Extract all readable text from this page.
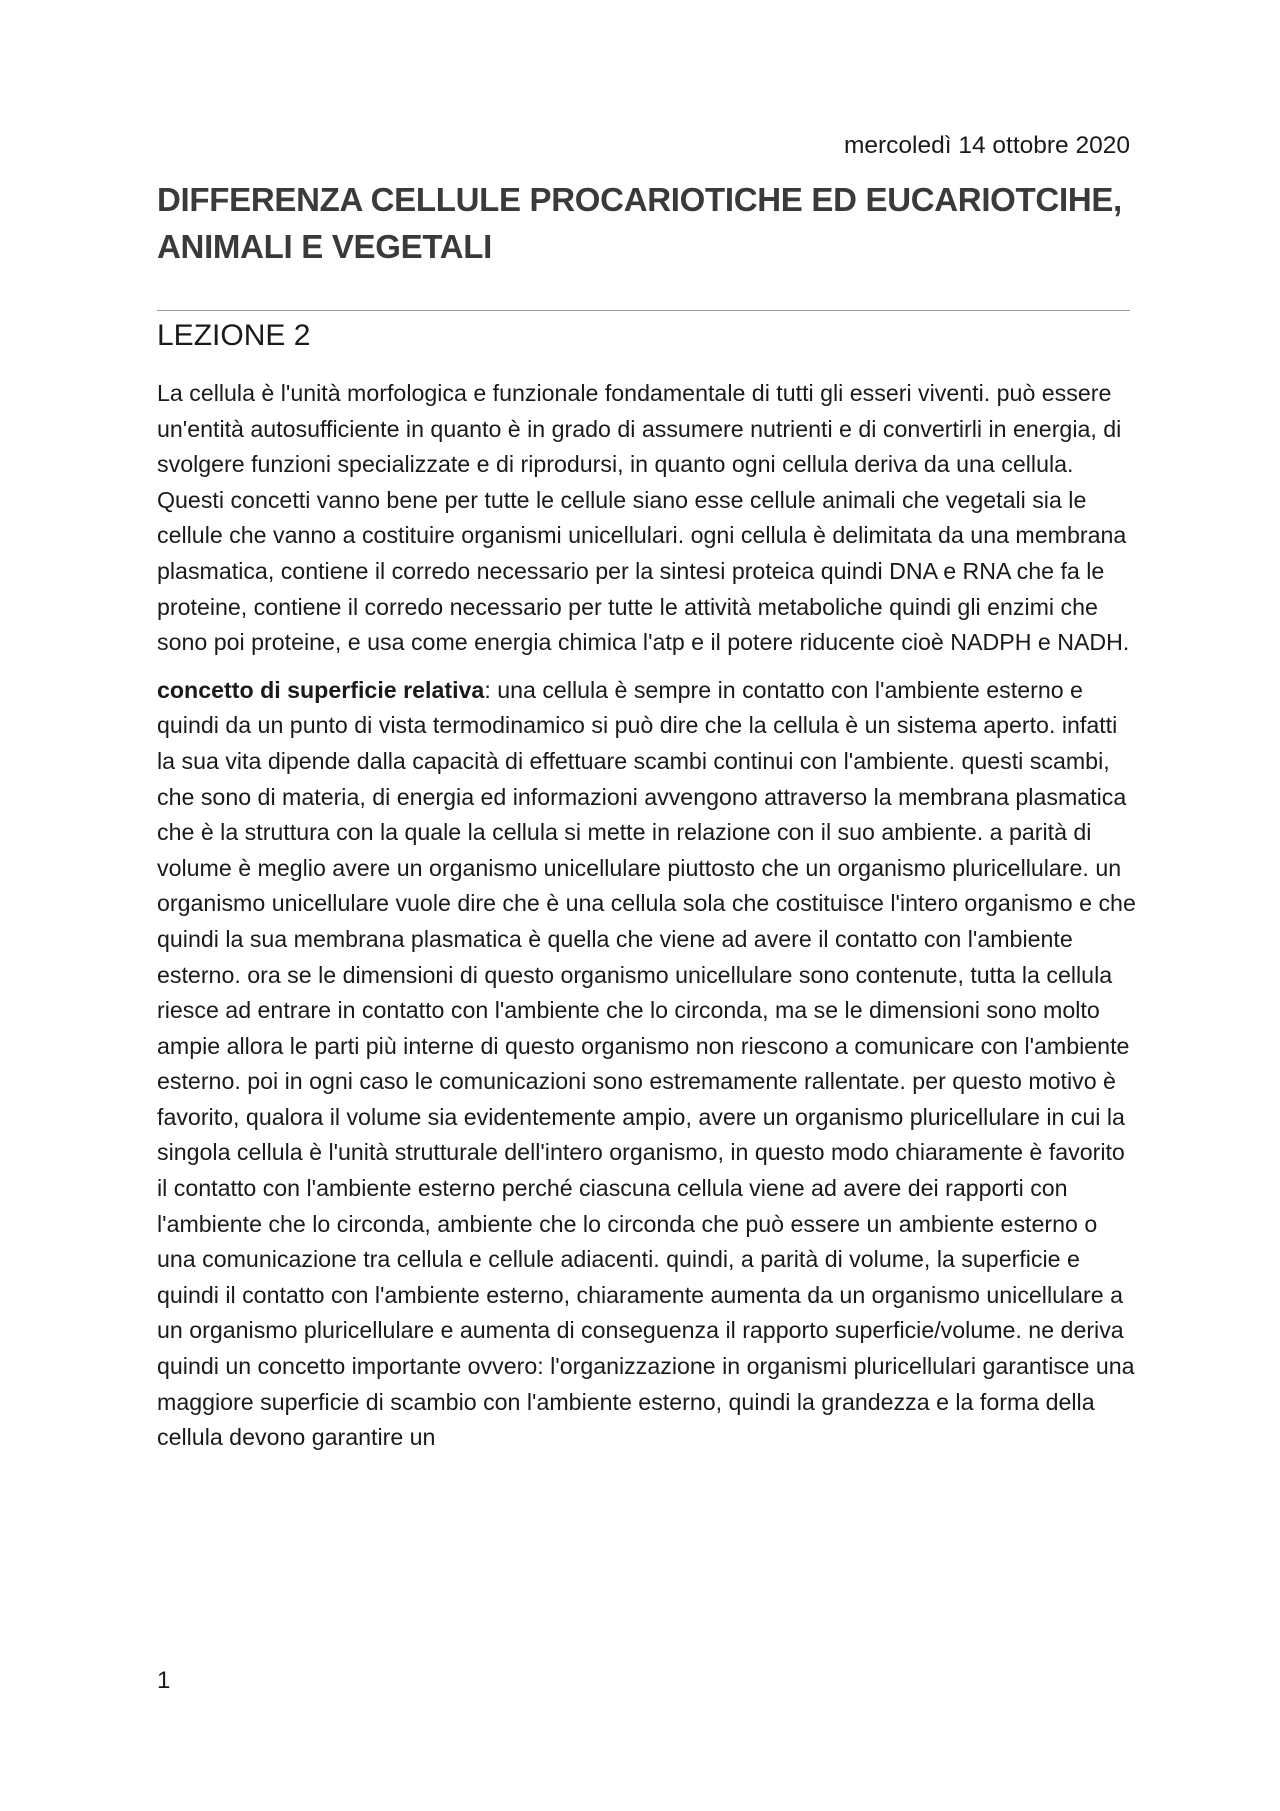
mercoledì 14 ottobre 2020
DIFFERENZA CELLULE PROCARIOTICHE ED EUCARIOTCIHE, ANIMALI E VEGETALI
LEZIONE 2

La cellula è l'unità morfologica e funzionale fondamentale di tutti gli esseri viventi. può essere un'entità autosufficiente in quanto è in grado di assumere nutrienti e di convertirli in energia, di svolgere funzioni specializzate e di riprodursi, in quanto ogni cellula deriva da una cellula. Questi concetti vanno bene per tutte le cellule siano esse cellule animali che vegetali sia le cellule che vanno a costituire organismi unicellulari. ogni cellula è delimitata da una membrana plasmatica, contiene il corredo necessario per la sintesi proteica quindi DNA e RNA che fa le proteine, contiene il corredo necessario per tutte le attività metaboliche quindi gli enzimi che sono poi proteine, e usa come energia chimica l'atp e il potere riducente cioè NADPH e NADH.

concetto di superficie relativa: una cellula è sempre in contatto con l'ambiente esterno e quindi da un punto di vista termodinamico si può dire che la cellula è un sistema aperto. infatti la sua vita dipende dalla capacità di effettuare scambi continui con l'ambiente. questi scambi, che sono di materia, di energia ed informazioni avvengono attraverso la membrana plasmatica che è la struttura con la quale la cellula si mette in relazione con il suo ambiente. a parità di volume è meglio avere un organismo unicellulare piuttosto che un organismo pluricellulare. un organismo unicellulare vuole dire che è una cellula sola che costituisce l'intero organismo e che quindi la sua membrana plasmatica è quella che viene ad avere il contatto con l'ambiente esterno. ora se le dimensioni di questo organismo unicellulare sono contenute, tutta la cellula riesce ad entrare in contatto con l'ambiente che lo circonda, ma se le dimensioni sono molto ampie allora le parti più interne di questo organismo non riescono a comunicare con l'ambiente esterno. poi in ogni caso le comunicazioni sono estremamente rallentate. per questo motivo è favorito, qualora il volume sia evidentemente ampio, avere un organismo pluricellulare in cui la singola cellula è l'unità strutturale dell'intero organismo, in questo modo chiaramente è favorito il contatto con l'ambiente esterno perché ciascuna cellula viene ad avere dei rapporti con l'ambiente che lo circonda, ambiente che lo circonda che può essere un ambiente esterno o una comunicazione tra cellula e cellule adiacenti. quindi, a parità di volume, la superficie e quindi il contatto con l'ambiente esterno, chiaramente aumenta da un organismo unicellulare a un organismo pluricellulare e aumenta di conseguenza il rapporto superficie/volume. ne deriva quindi un concetto importante ovvero: l'organizzazione in organismi pluricellulari garantisce una maggiore superficie di scambio con l'ambiente esterno, quindi la grandezza e la forma della cellula devono garantire un

1
